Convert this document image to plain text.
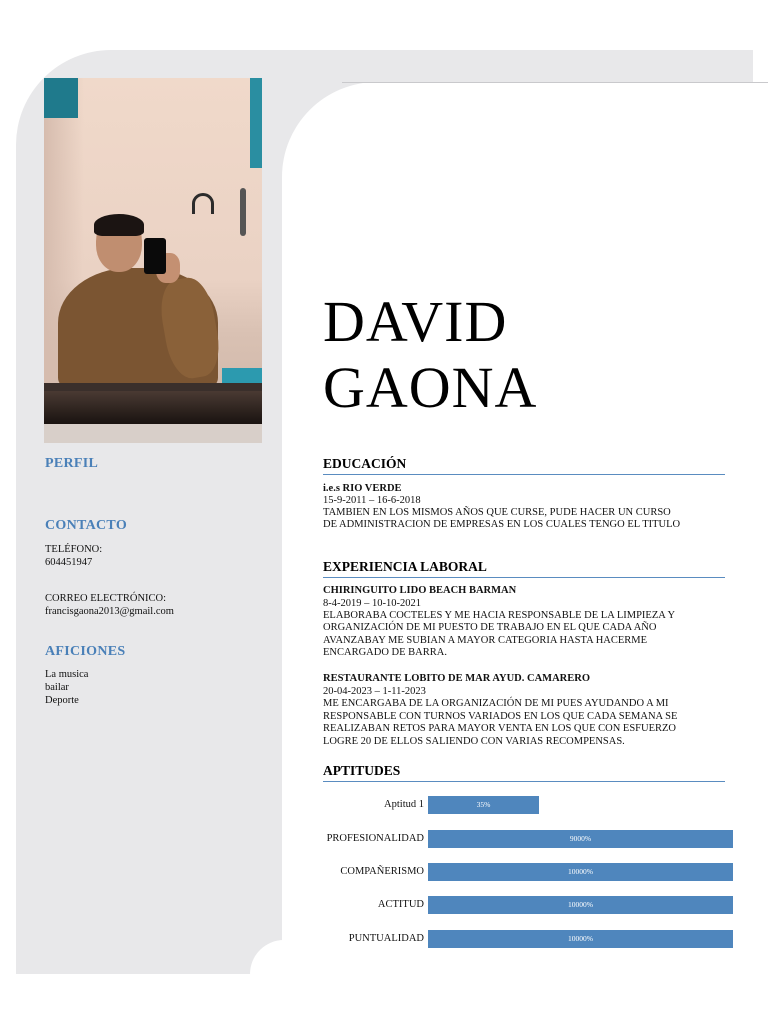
PERFIL
CONTACTO

TELÉFONO:

604451947

CORREO ELECTRÓNICO:

francisgaona2013@gmail.com

AFICIONES

La musica

bailar

Deporte

DAVID
GAONA
EDUCACIÓN

i.e.s RIO VERDE

15-9-2011 – 16-6-2018

TAMBIEN EN LOS MISMOS AÑOS QUE CURSE, PUDE HACER UN CURSO

DE ADMINISTRACION DE EMPRESAS EN LOS CUALES TENGO EL TITULO

EXPERIENCIA LABORAL

CHIRINGUITO LIDO BEACH BARMAN

8-4-2019 – 10-10-2021

ELABORABA COCTELES Y ME HACIA RESPONSABLE DE LA LIMPIEZA Y

ORGANIZACIÓN DE MI PUESTO DE TRABAJO EN EL QUE CADA AÑO

AVANZABAY ME SUBIAN A MAYOR CATEGORIA HASTA HACERME

ENCARGADO DE BARRA.

RESTAURANTE LOBITO DE MAR AYUD. CAMARERO

20-04-2023 – 1-11-2023

ME ENCARGABA DE LA ORGANIZACIÓN DE MI PUES AYUDANDO A MI

RESPONSABLE CON TURNOS VARIADOS EN LOS QUE CADA SEMANA SE

REALIZABAN RETOS PARA MAYOR VENTA EN LOS QUE CON ESFUERZO

LOGRE 20 DE ELLOS SALIENDO CON VARIAS RECOMPENSAS.

APTITUDES

Aptitud 1	35%

PROFESIONALIDAD	9000%

COMPAÑERISMO	10000%

ACTITUD	10000%

PUNTUALIDAD	10000%
